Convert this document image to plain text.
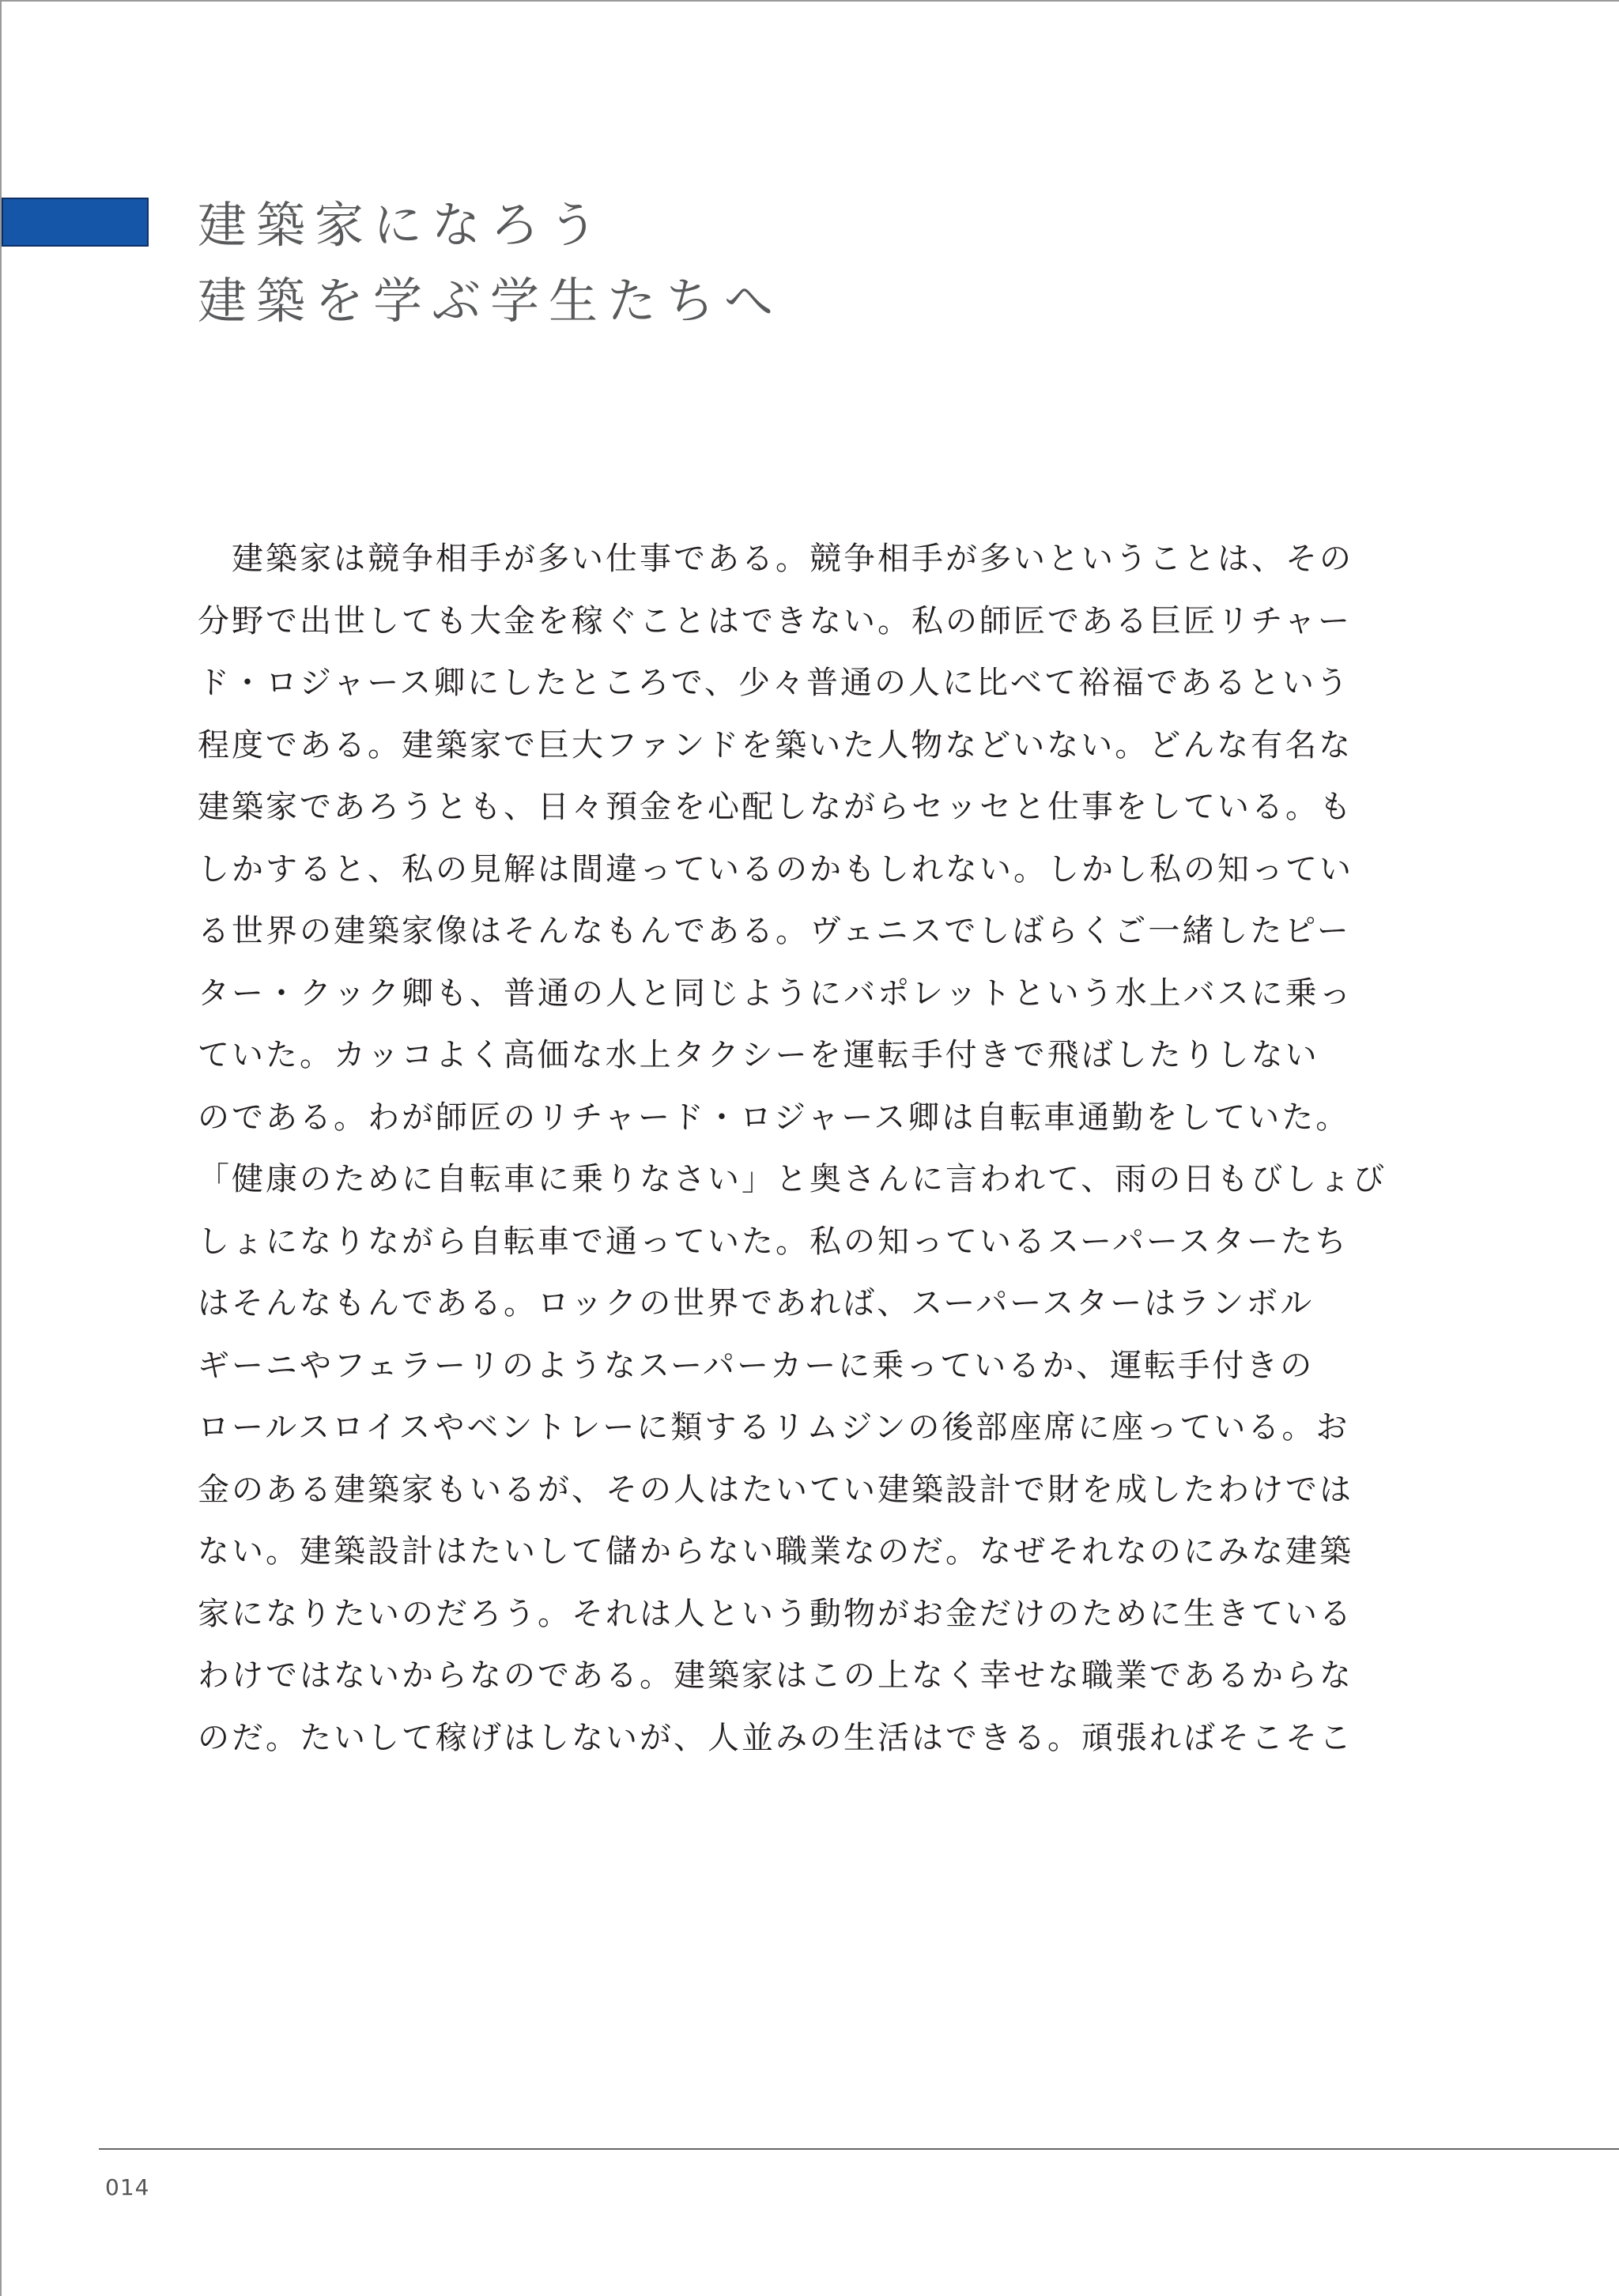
建築家になろう
建築を学ぶ学生たちへ
　建築家は競争相手が多い仕事である。競争相手が多いということは、その
分野で出世しても大金を稼ぐことはできない。私の師匠である巨匠リチャー
ド・ロジャース卿にしたところで、少々普通の人に比べて裕福であるという
程度である。建築家で巨大ファンドを築いた人物などいない。どんな有名な
建築家であろうとも、日々預金を心配しながらセッセと仕事をしている。も
しかすると、私の見解は間違っているのかもしれない。しかし私の知ってい
る世界の建築家像はそんなもんである。ヴェニスでしばらくご一緒したピー
ター・クック卿も、普通の人と同じようにバポレットという水上バスに乗っ
ていた。カッコよく高価な水上タクシーを運転手付きで飛ばしたりしない
のである。わが師匠のリチャード・ロジャース卿は自転車通勤をしていた。
「健康のために自転車に乗りなさい」と奥さんに言われて、雨の日もびしょび
しょになりながら自転車で通っていた。私の知っているスーパースターたち
はそんなもんである。ロックの世界であれば、スーパースターはランボル
ギーニやフェラーリのようなスーパーカーに乗っているか、運転手付きの
ロールスロイスやベントレーに類するリムジンの後部座席に座っている。お
金のある建築家もいるが、その人はたいてい建築設計で財を成したわけでは
ない。建築設計はたいして儲からない職業なのだ。なぜそれなのにみな建築
家になりたいのだろう。それは人という動物がお金だけのために生きている
わけではないからなのである。建築家はこの上なく幸せな職業であるからな
のだ。たいして稼げはしないが、人並みの生活はできる。頑張ればそこそこ
014
